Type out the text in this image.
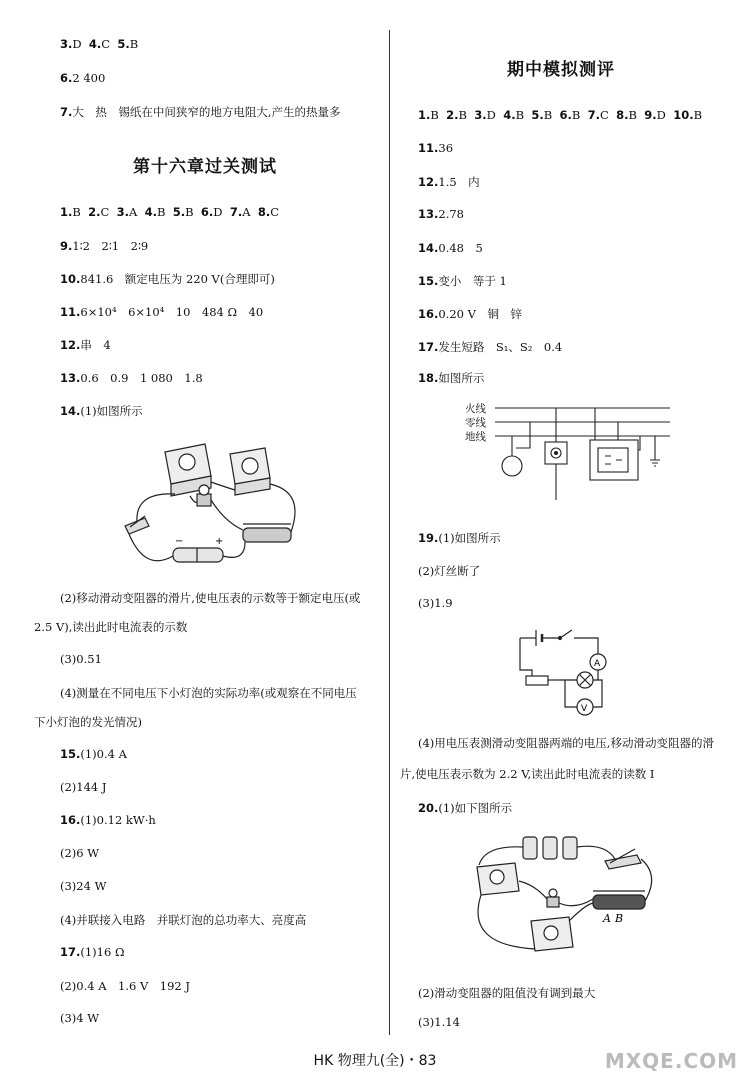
3.D 4.C 5.B
6.2 400
7.大　热　锡纸在中间狭窄的地方电阻大,产生的热量多
第十六章过关测试
1.B 2.C 3.A 4.B 5.B 6.D 7.A 8.C
9.1∶2　2∶1　2∶9
10.841.6　额定电压为 220 V(合理即可)
11.6×10⁴　6×10⁴　10　484 Ω　40
12.串　4
13.0.6　0.9　1 080　1.8
14.(1)如图所示
−	+
(2)移动滑动变阻器的滑片,使电压表的示数等于额定电压(或
2.5 V),读出此时电流表的示数
(3)0.51
(4)测量在不同电压下小灯泡的实际功率(或观察在不同电压
下小灯泡的发光情况)
15.(1)0.4 A
(2)144 J
16.(1)0.12 kW·h
(2)6 W
(3)24 W
(4)并联接入电路　并联灯泡的总功率大、亮度高
17.(1)16 Ω
(2)0.4 A　1.6 V　192 J
(3)4 W
期中模拟测评
1.B 2.B 3.D 4.B 5.B 6.B 7.C 8.B 9.D 10.B
11.36
12.1.5　内
13.2.78
14.0.48　5
15.变小　等于 1
16.0.20 V　铜　锌
17.发生短路　S₁、S₂　0.4
18.如图所示
火线
零线
地线
19.(1)如图所示
(2)灯丝断了
(3)1.9
A
V
(4)用电压表测滑动变阻器两端的电压,移动滑动变阻器的滑
片,使电压表示数为 2.2 V,读出此时电流表的读数 I
20.(1)如下图所示
A B
(2)滑动变阻器的阻值没有调到最大
(3)1.14
HK 物理九(全)・83	MXQE.COM
